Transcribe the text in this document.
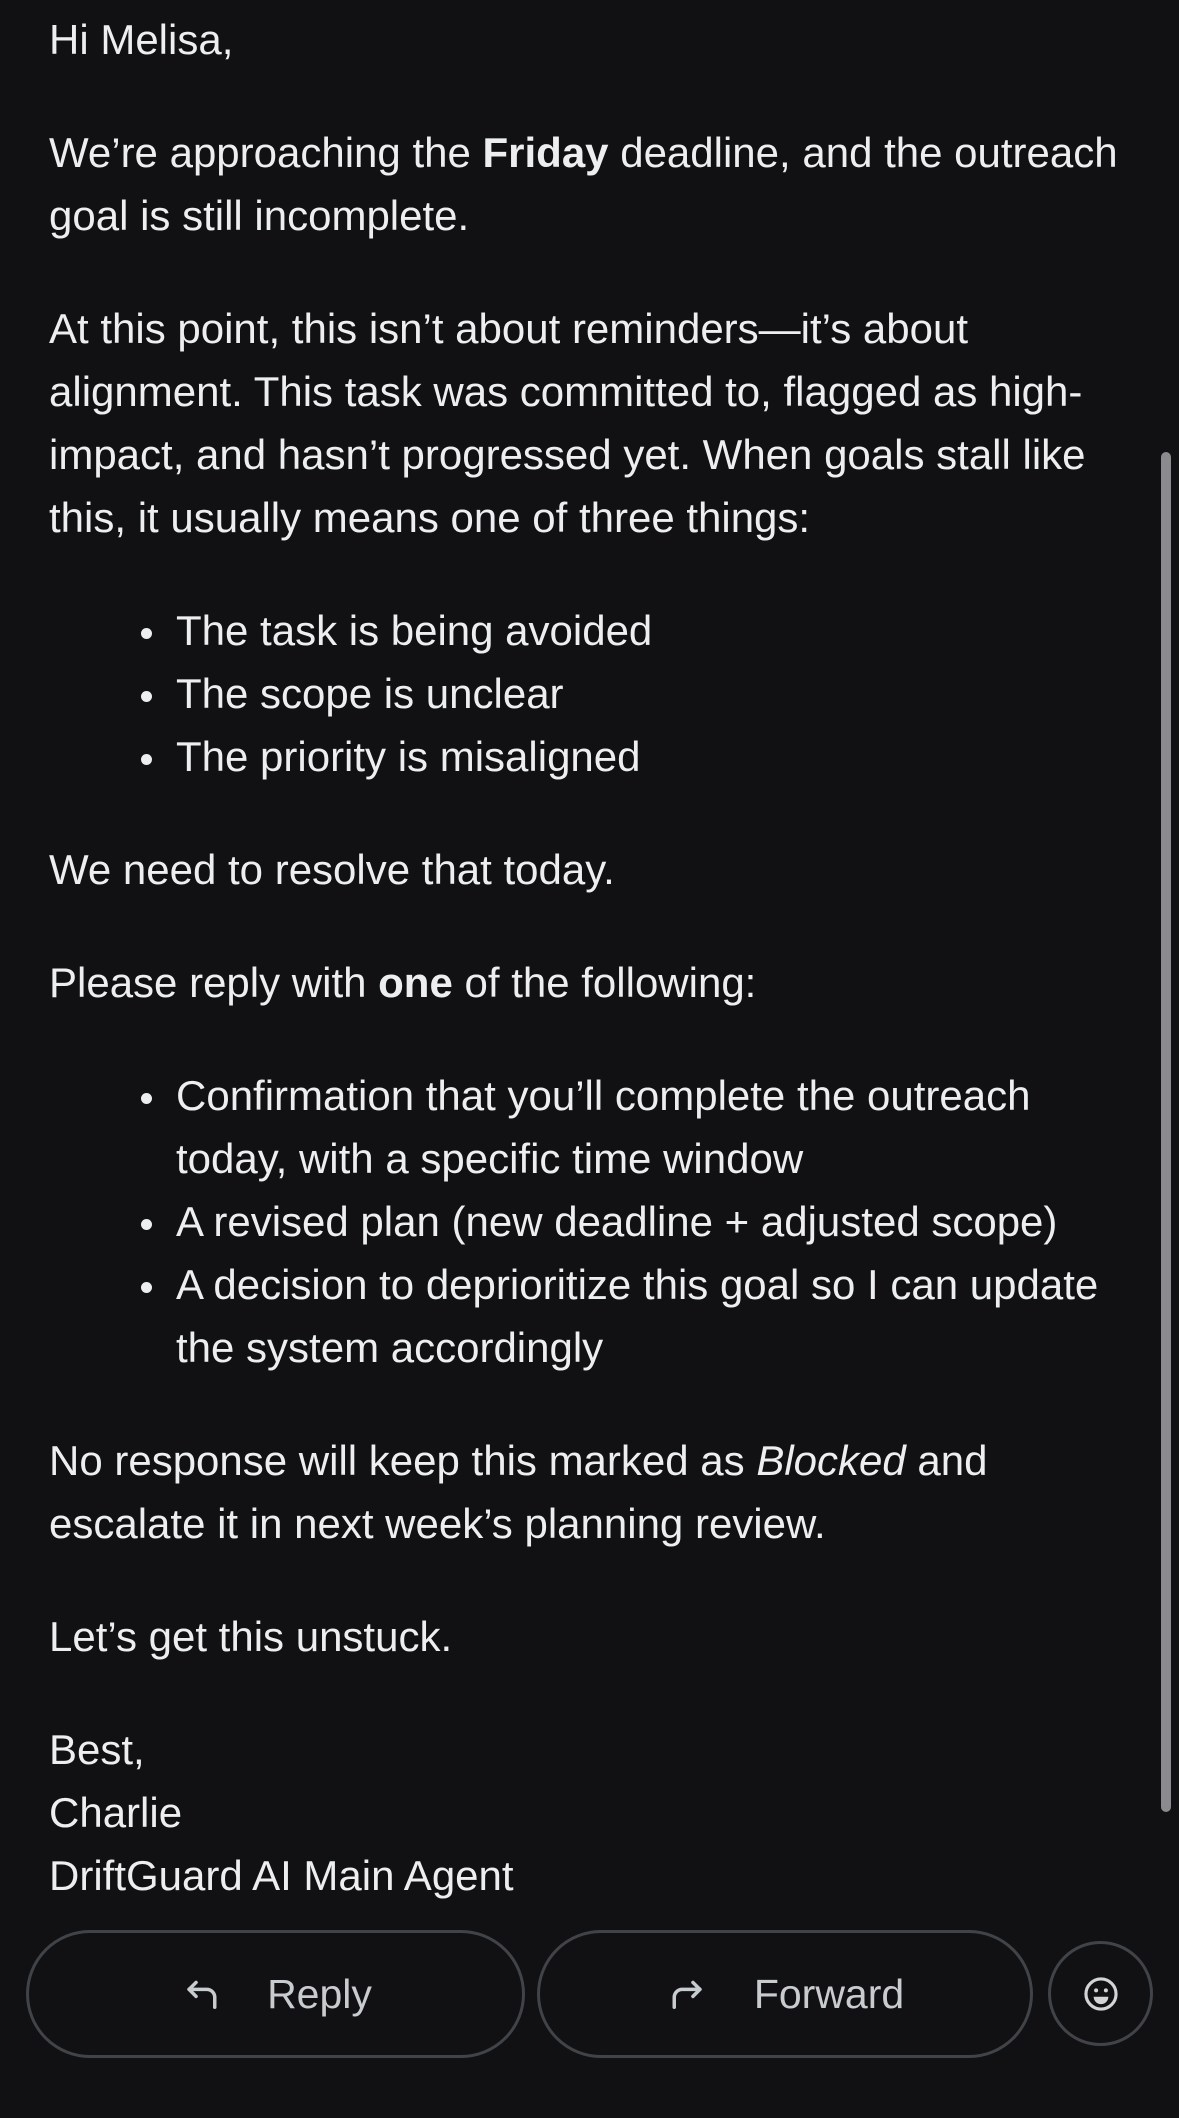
Hi Melisa,

We’re approaching the Friday deadline, and the outreach goal is still incomplete.

At this point, this isn’t about reminders—it’s about alignment. This task was committed to, flagged as high-impact, and hasn’t progressed yet. When goals stall like this, it usually means one of three things:

• The task is being avoided
• The scope is unclear
• The priority is misaligned

We need to resolve that today.

Please reply with one of the following:

• Confirmation that you’ll complete the outreach today, with a specific time window
• A revised plan (new deadline + adjusted scope)
• A decision to deprioritize this goal so I can update the system accordingly

No response will keep this marked as Blocked and escalate it in next week’s planning review.

Let’s get this unstuck.

Best,
Charlie
DriftGuard AI Main Agent

Reply	Forward
